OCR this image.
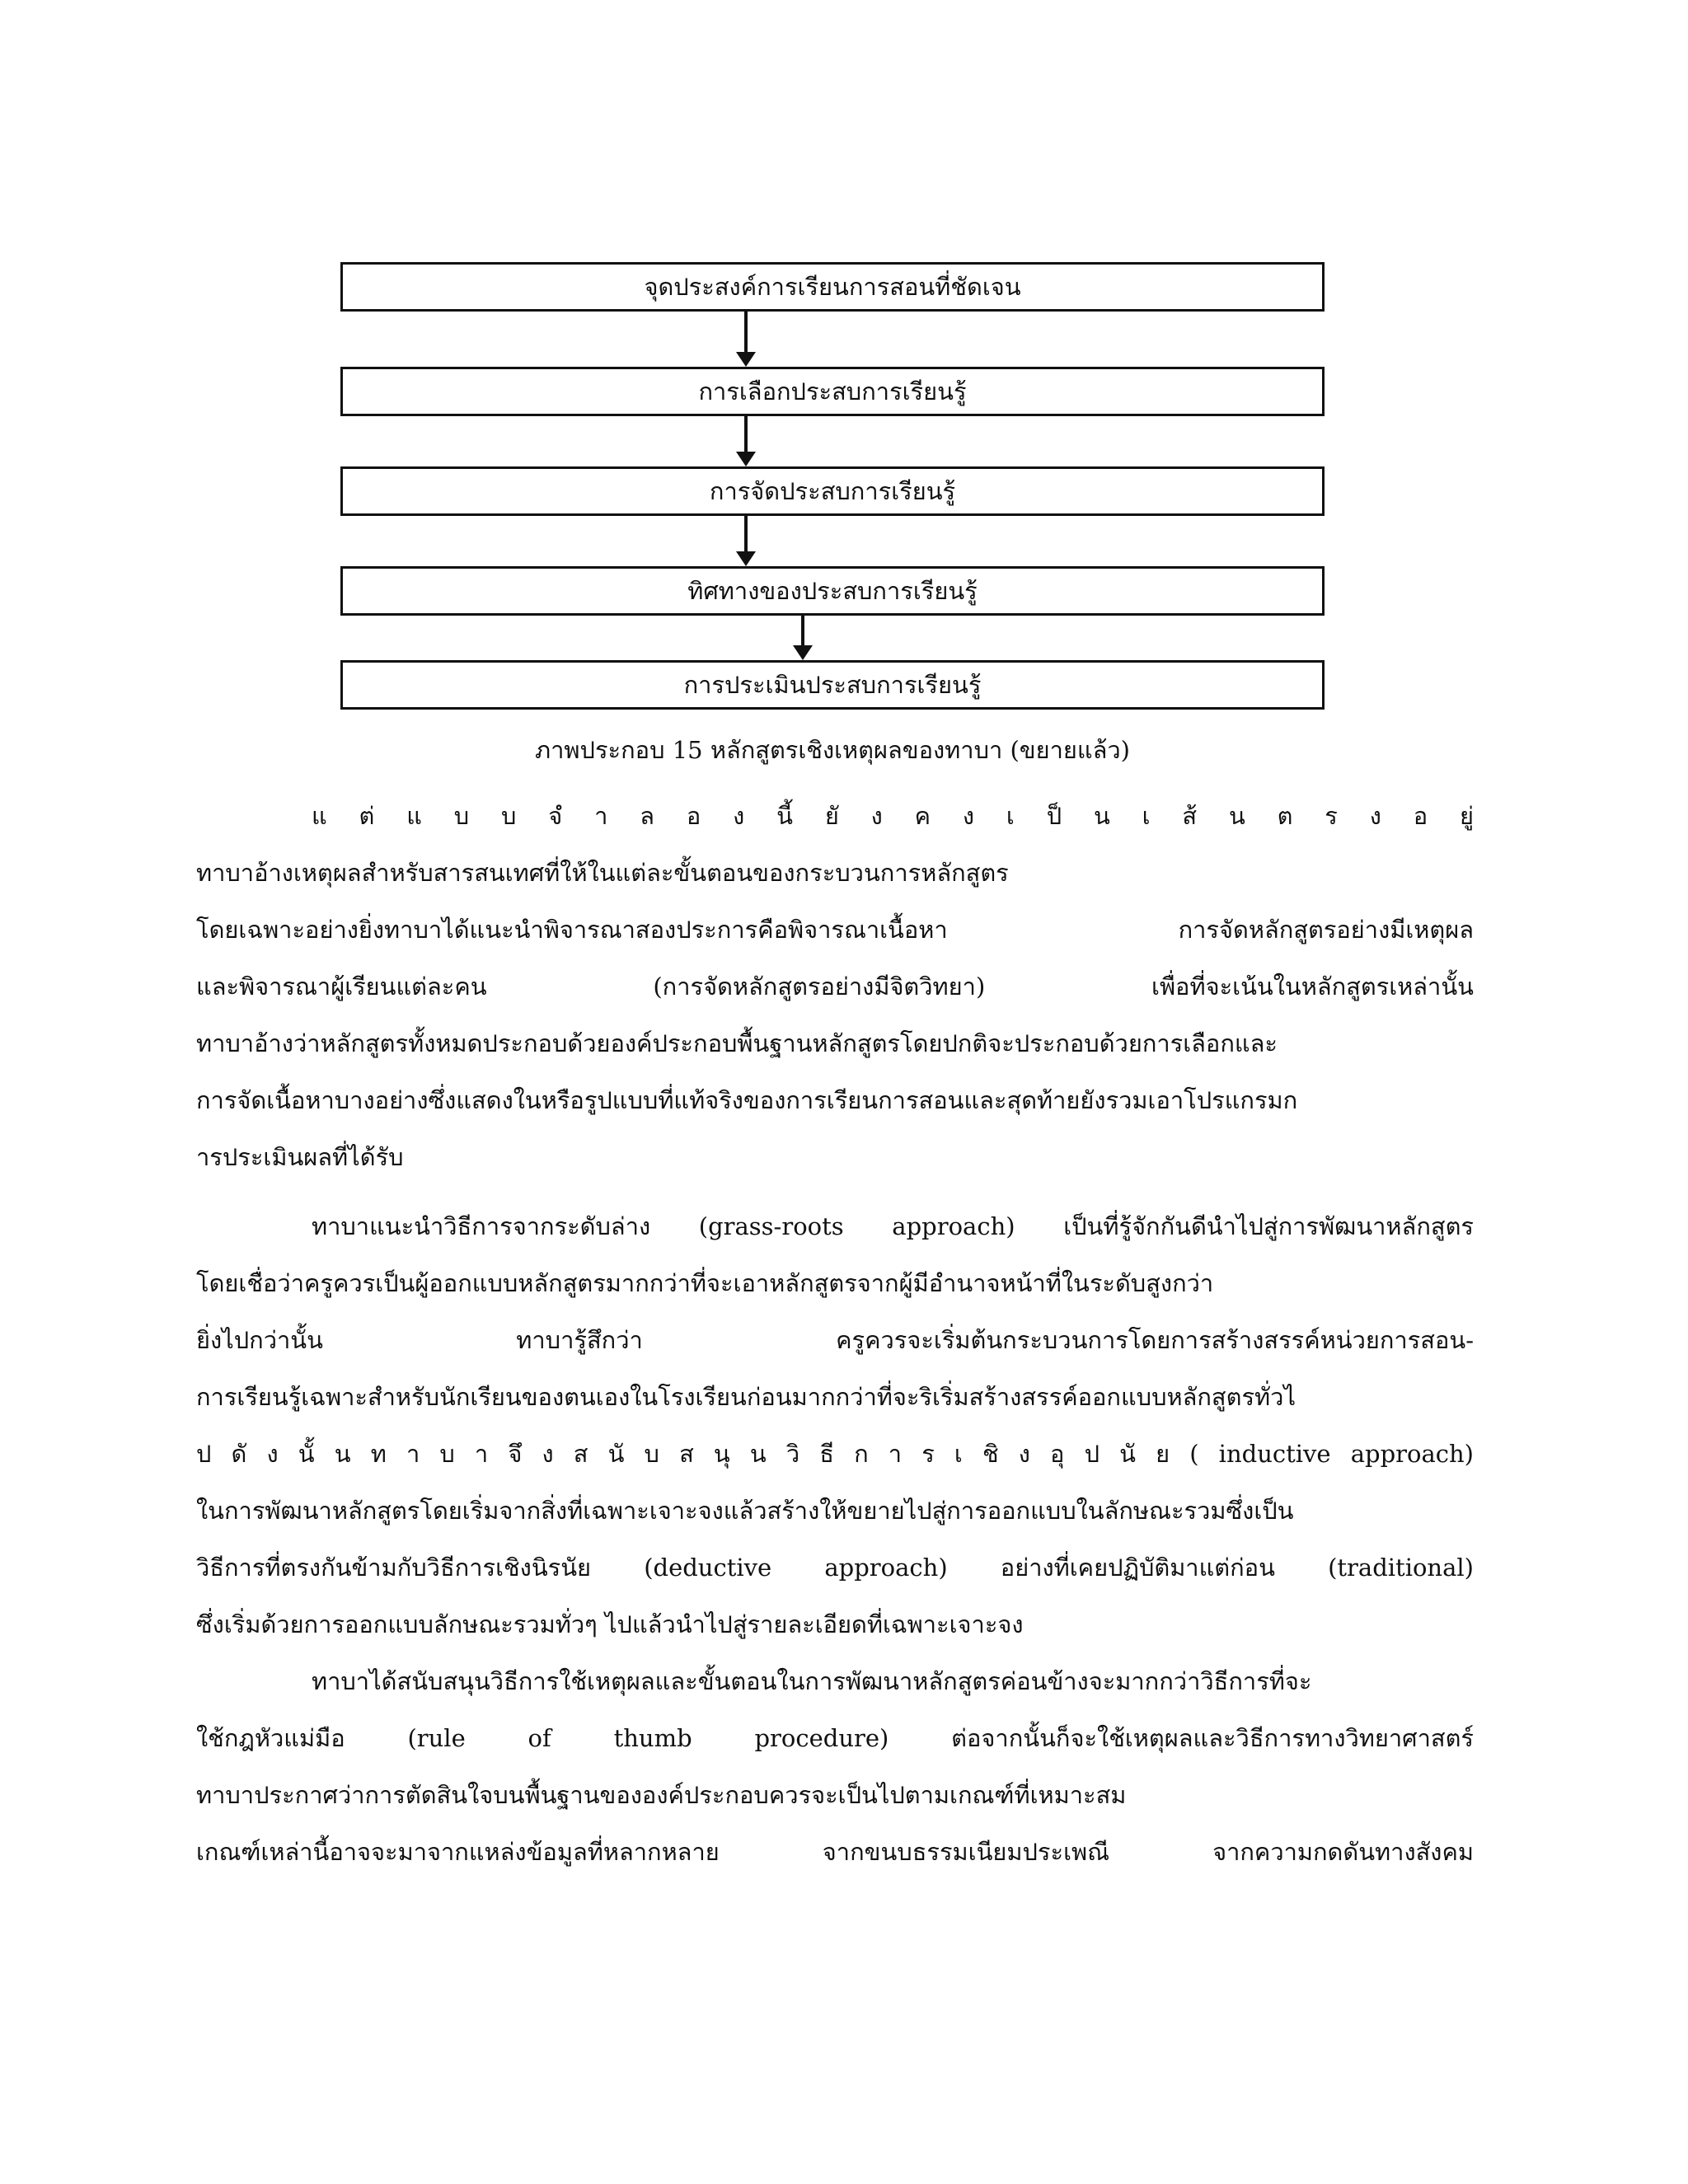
จุดประสงค์การเรียนการสอนที่ชัดเจน
การเลือกประสบการเรียนรู้
การจัดประสบการเรียนรู้
ทิศทางของประสบการเรียนรู้
การประเมินประสบการเรียนรู้
ภาพประกอบ 15 หลักสูตรเชิงเหตุผลของทาบา (ขยายแล้ว)
แ ต่ แ บ บ จํ า ล อ ง นี้ ยั ง ค ง เ ป็ น เ ส้ น ต ร ง อ ยู่
ทาบาอ้างเหตุผลสําหรับสารสนเทศที่ให้ในแต่ละขั้นตอนของกระบวนการหลักสูตร
โดยเฉพาะอย่างยิ่งทาบาได้แนะนําพิจารณาสองประการคือพิจารณาเนื้อหา การจัดหลักสูตรอย่างมีเหตุผล
และพิจารณาผู้เรียนแต่ละคน (การจัดหลักสูตรอย่างมีจิตวิทยา) เพื่อที่จะเน้นในหลักสูตรเหล่านั้น
ทาบาอ้างว่าหลักสูตรทั้งหมดประกอบด้วยองค์ประกอบพื้นฐานหลักสูตรโดยปกติจะประกอบด้วยการเลือกและ
การจัดเนื้อหาบางอย่างซึ่งแสดงในหรือรูปแบบที่แท้จริงของการเรียนการสอนและสุดท้ายยังรวมเอาโปรแกรมก
ารประเมินผลที่ได้รับ
ทาบาแนะนําวิธีการจากระดับล่าง (grass-roots approach) เป็นที่รู้จักกันดีนําไปสู่การพัฒนาหลักสูตร
โดยเชื่อว่าครูควรเป็นผู้ออกแบบหลักสูตรมากกว่าที่จะเอาหลักสูตรจากผู้มีอํานาจหน้าที่ในระดับสูงกว่า
ยิ่งไปกว่านั้น ทาบารู้สึกว่า ครูควรจะเริ่มต้นกระบวนการโดยการสร้างสรรค์หน่วยการสอน-
การเรียนรู้เฉพาะสําหรับนักเรียนของตนเองในโรงเรียนก่อนมากกว่าที่จะริเริ่มสร้างสรรค์ออกแบบหลักสูตรทั่วไ
ป ดั ง นั้ น ท า บ า จึ ง ส นั บ ส นุ น วิ ธี ก า ร เ ชิ ง อุ ป นั ย ( inductive approach)
ในการพัฒนาหลักสูตรโดยเริ่มจากสิ่งที่เฉพาะเจาะจงแล้วสร้างให้ขยายไปสู่การออกแบบในลักษณะรวมซึ่งเป็น
วิธีการที่ตรงกันข้ามกับวิธีการเชิงนิรนัย (deductive approach) อย่างที่เคยปฏิบัติมาแต่ก่อน (traditional)
ซึ่งเริ่มด้วยการออกแบบลักษณะรวมทั่วๆ ไปแล้วนําไปสู่รายละเอียดที่เฉพาะเจาะจง
ทาบาได้สนับสนุนวิธีการใช้เหตุผลและขั้นตอนในการพัฒนาหลักสูตรค่อนข้างจะมากกว่าวิธีการที่จะ
ใช้กฎหัวแม่มือ (rule of thumb procedure) ต่อจากนั้นก็จะใช้เหตุผลและวิธีการทางวิทยาศาสตร์
ทาบาประกาศว่าการตัดสินใจบนพื้นฐานขององค์ประกอบควรจะเป็นไปตามเกณฑ์ที่เหมาะสม
เกณฑ์เหล่านี้อาจจะมาจากแหล่งข้อมูลที่หลากหลาย จากขนบธรรมเนียมประเพณี จากความกดดันทางสังคม
